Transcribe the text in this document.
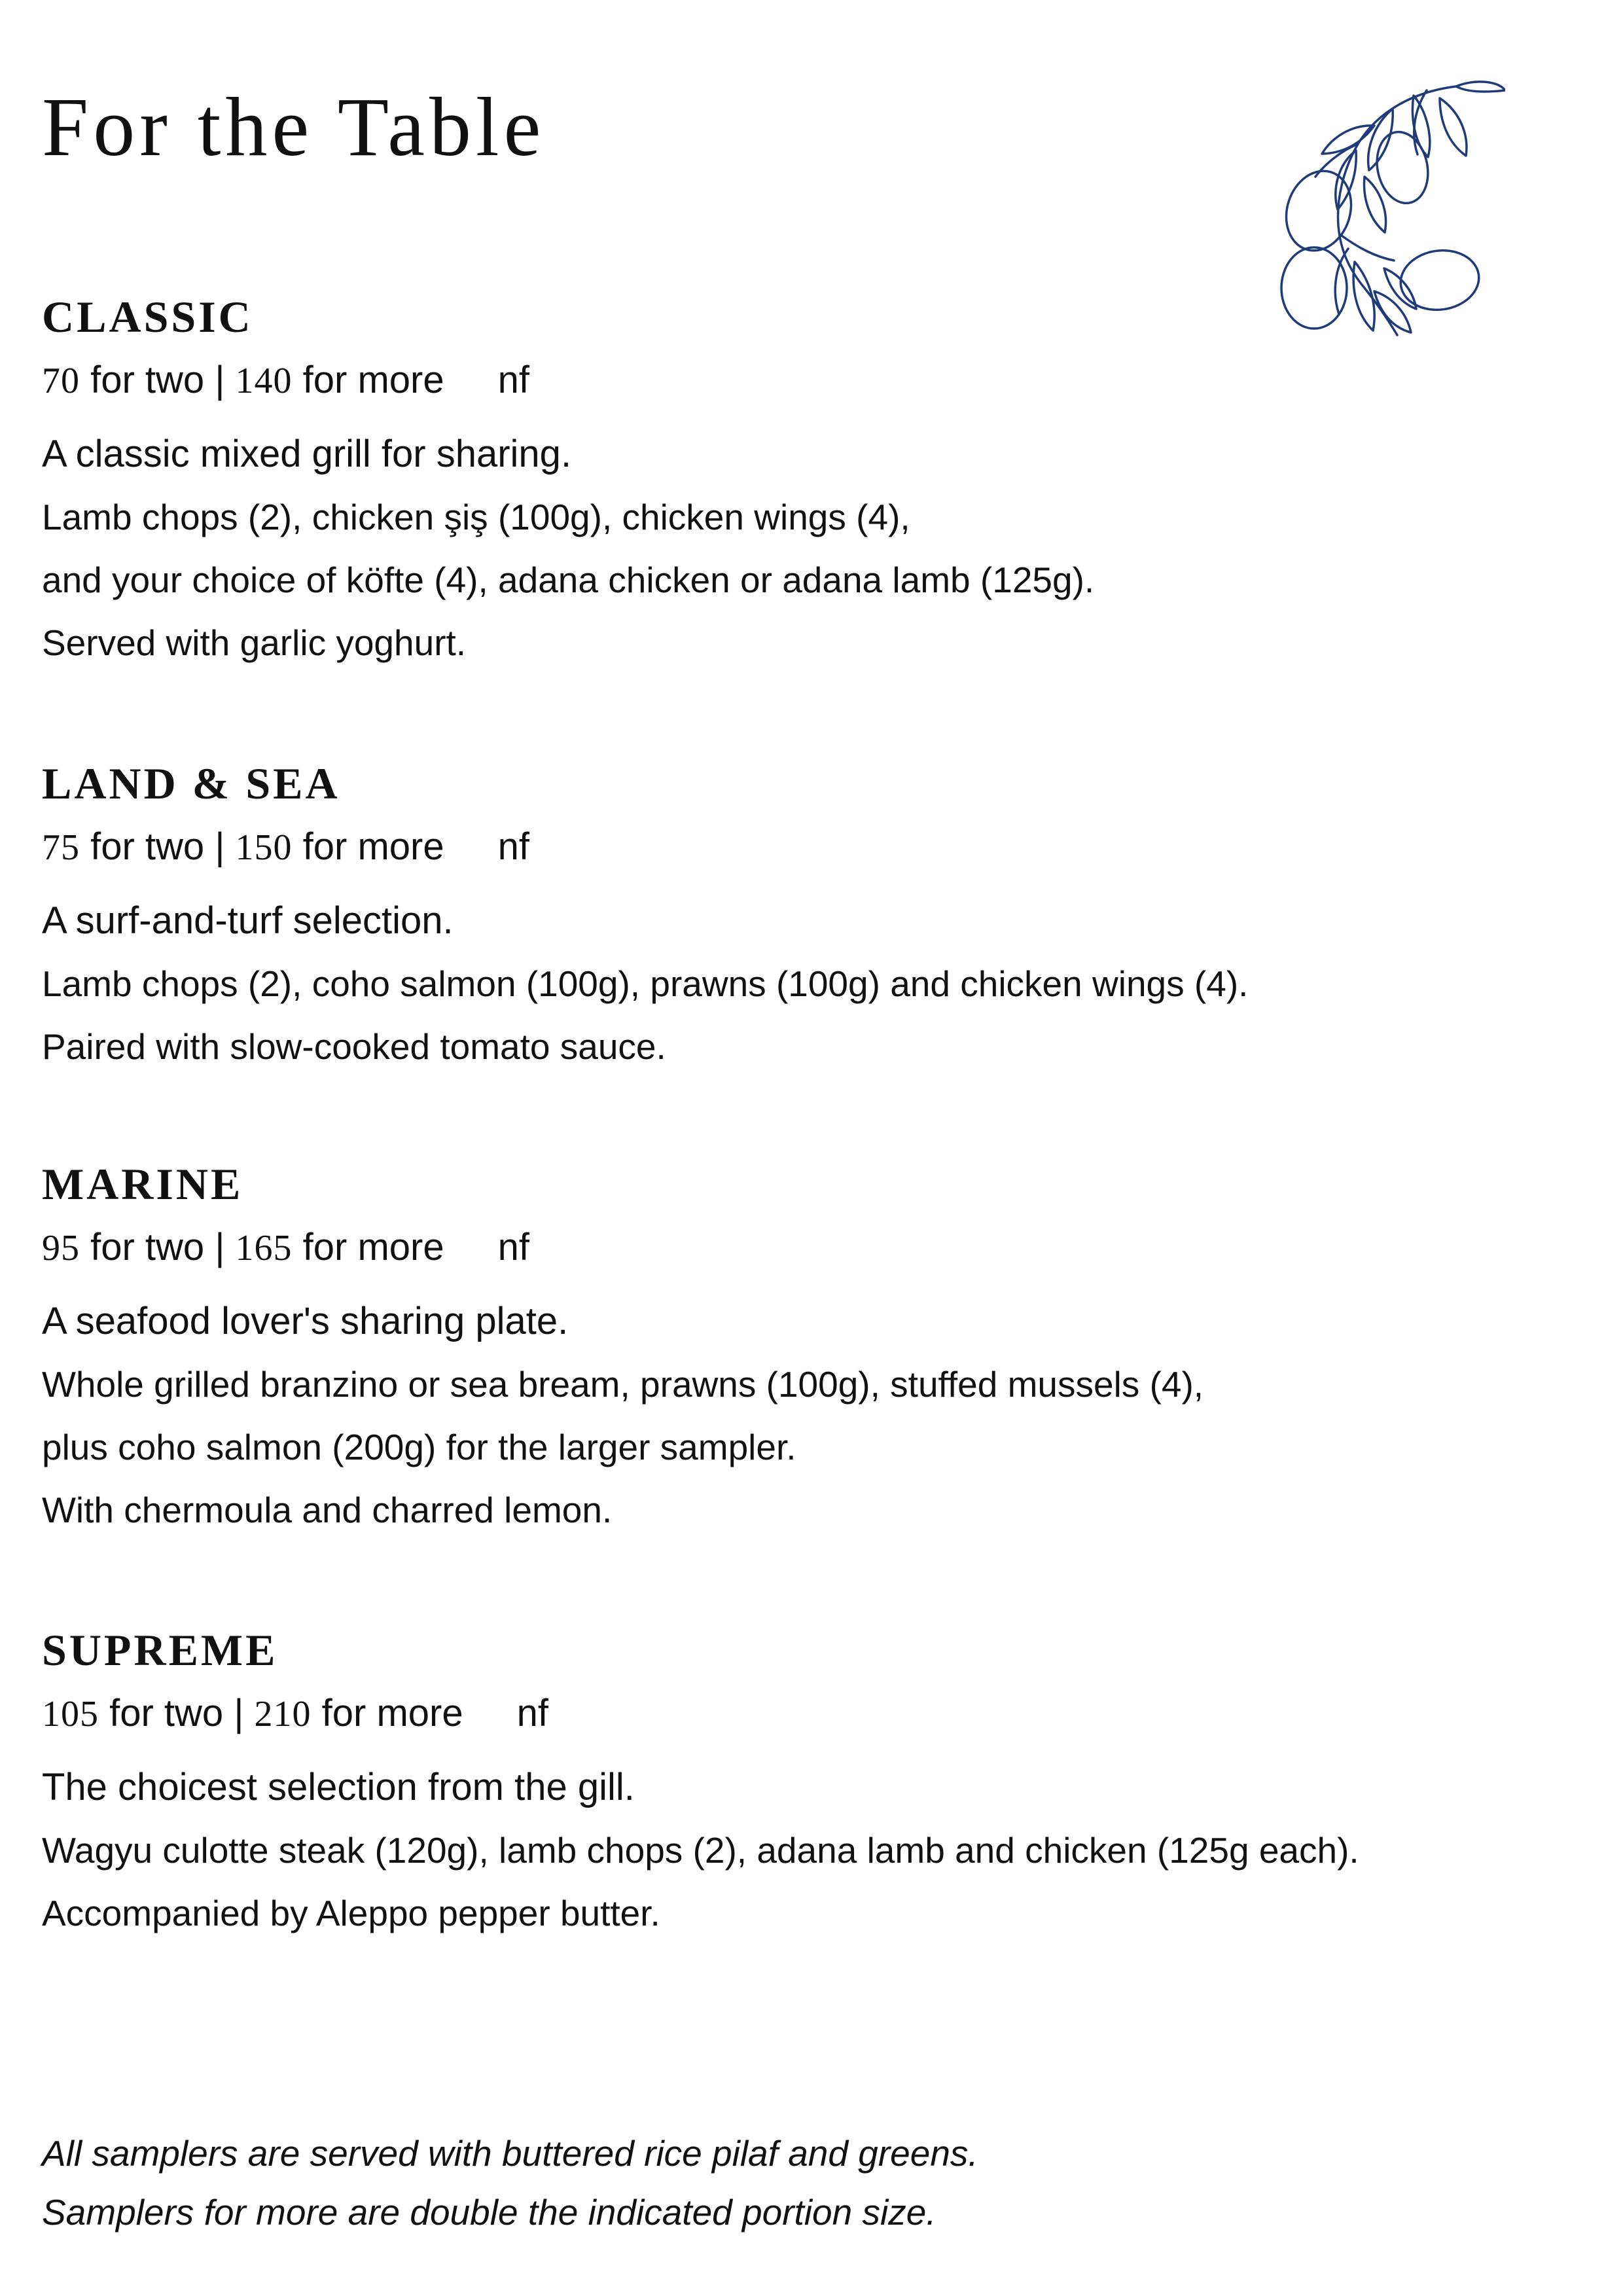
For the Table
CLASSIC
70 for two | 140 for more nf
A classic mixed grill for sharing.
Lamb chops (2), chicken şiş (100g), chicken wings (4),
and your choice of köfte (4), adana chicken or adana lamb (125g).
Served with garlic yoghurt.
LAND & SEA
75 for two | 150 for more nf
A surf-and-turf selection.
Lamb chops (2), coho salmon (100g), prawns (100g) and chicken wings (4).
Paired with slow-cooked tomato sauce.
MARINE
95 for two | 165 for more nf
A seafood lover's sharing plate.
Whole grilled branzino or sea bream, prawns (100g), stuffed mussels (4),
plus coho salmon (200g) for the larger sampler.
With chermoula and charred lemon.
SUPREME
105 for two | 210 for more nf
The choicest selection from the gill.
Wagyu culotte steak (120g), lamb chops (2), adana lamb and chicken (125g each).
Accompanied by Aleppo pepper butter.
All samplers are served with buttered rice pilaf and greens.
Samplers for more are double the indicated portion size.
